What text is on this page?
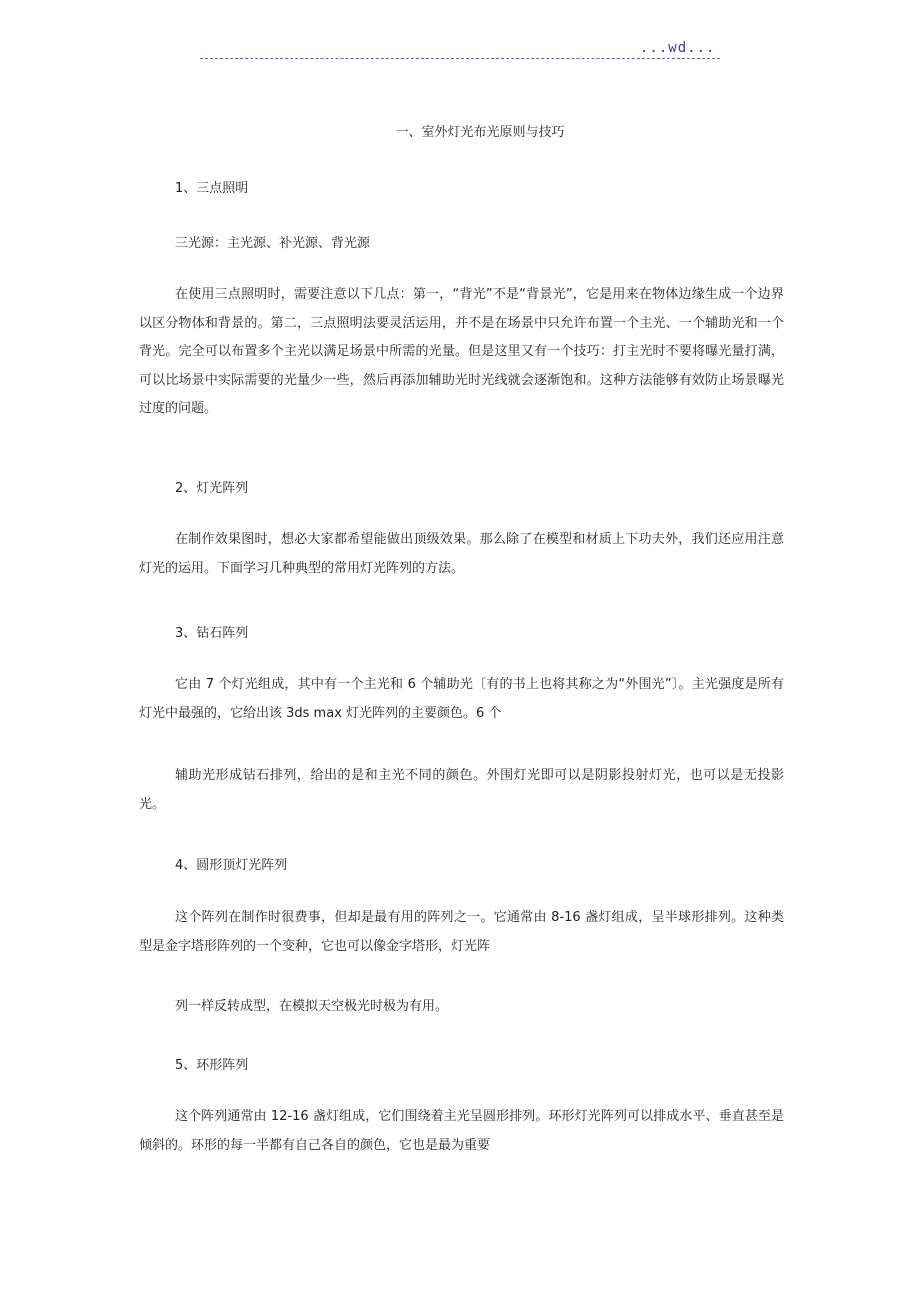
...wd...
一、室外灯光布光原则与技巧
1、三点照明
三光源：主光源、补光源、背光源

在使用三点照明时，需要注意以下几点：第一，“背光”不是“背景光”，它是用来在物体边缘生成一个边界以区分物体和背景的。第二，三点照明法要灵活运用，并不是在场景中只允许布置一个主光、一个辅助光和一个背光。完全可以布置多个主光以满足场景中所需的光量。但是这里又有一个技巧：打主光时不要将曝光量打满，可以比场景中实际需要的光量少一些，然后再添加辅助光时光线就会逐渐饱和。这种方法能够有效防止场景曝光过度的问题。

2、灯光阵列

在制作效果图时，想必大家都希望能做出顶级效果。那么除了在模型和材质上下功夫外，我们还应用注意灯光的运用。下面学习几种典型的常用灯光阵列的方法。

3、钻石阵列

它由 7 个灯光组成，其中有一个主光和 6 个辅助光〔有的书上也将其称之为“外围光”〕。主光强度是所有灯光中最强的，它给出该 3ds max 灯光阵列的主要颜色。6 个

辅助光形成钻石排列，给出的是和主光不同的颜色。外围灯光即可以是阴影投射灯光，也可以是无投影光。

4、圆形顶灯光阵列

这个阵列在制作时很费事，但却是最有用的阵列之一。它通常由 8-16 盏灯组成，呈半球形排列。这种类型是金字塔形阵列的一个变种，它也可以像金字塔形，灯光阵

列一样反转成型，在模拟天空极光时极为有用。

5、环形阵列

这个阵列通常由 12-16 盏灯组成，它们围绕着主光呈圆形排列。环形灯光阵列可以排成水平、垂直甚至是倾斜的。环形的每一半都有自己各自的颜色，它也是最为重要
